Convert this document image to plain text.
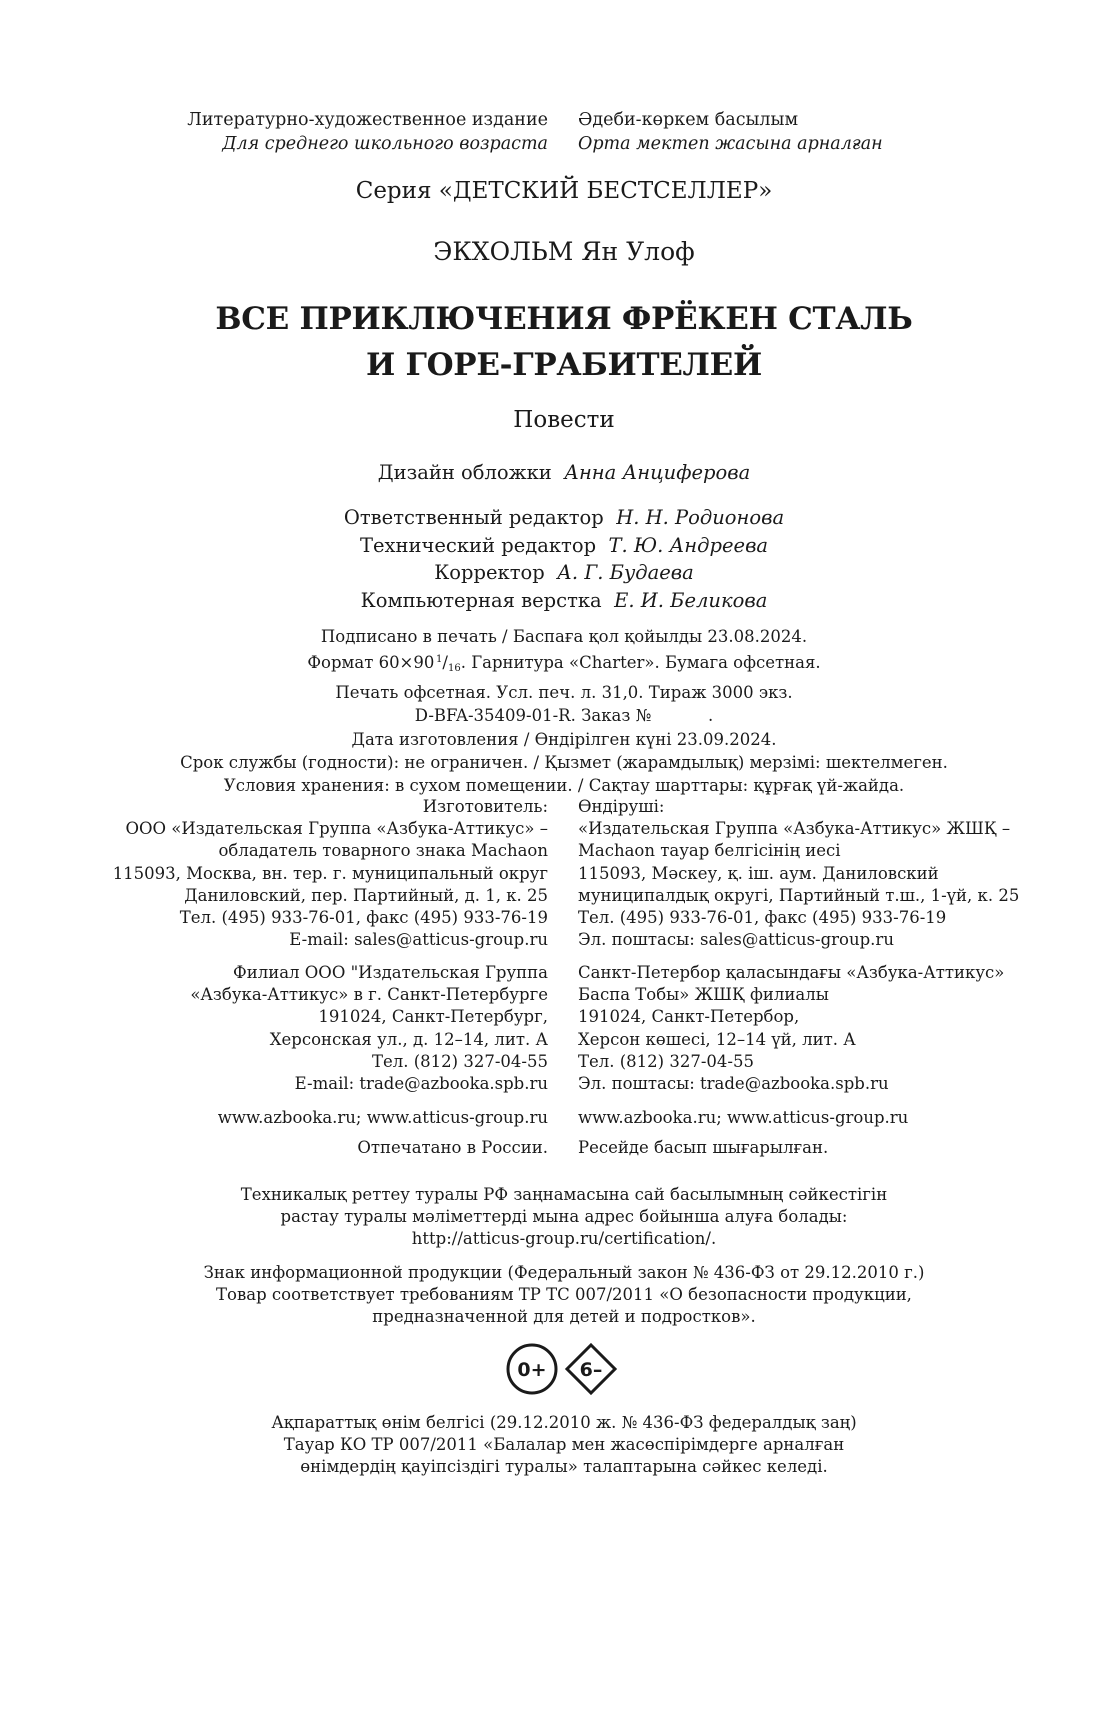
Литературно-художественное издание
Для среднего школьного возраста
Әдеби-көркем басылым
Орта мектеп жасына арналған
Серия «ДЕТСКИЙ БЕСТСЕЛЛЕР»
ЭКХОЛЬМ Ян Улоф
ВСЕ ПРИКЛЮЧЕНИЯ ФРЁКЕН СТАЛЬ
И ГОРЕ-ГРАБИТЕЛЕЙ
Повести
Дизайн обложки Анна Анциферова
Ответственный редактор Н. Н. Родионова
Технический редактор Т. Ю. Андреева
Корректор А. Г. Будаева
Компьютерная верстка Е. И. Беликова
Подписано в печать / Баспаға қол қойылды 23.08.2024.
Формат 60×90  $^1/_{16}$. Гарнитура «Charter». Бумага офсетная.
Печать офсетная. Усл. печ. л. 31,0. Тираж 3000 экз.
D-BFA-35409-01-R. Заказ №	.
Дата изготовления / Өндірілген күні 23.09.2024.
Срок службы (годности): не ограничен. / Қызмет (жарамдылық) мерзімі: шектелмеген.
Условия хранения: в сухом помещении. / Сақтау шарттары: құрғақ үй-жайда.

Изготовитель:

ООО «Издательская Группа «Азбука-Аттикус» –

обладатель товарного знака Machaon

115093, Москва, вн. тер. г. муниципальный округ

Даниловский, пер. Партийный, д. 1, к. 25

Тел. (495) 933-76-01, факс (495) 933-76-19

E-mail: sales@atticus-group.ru

Өндіруші:

«Издательская Группа «Азбука-Аттикус» ЖШҚ –

Machaon тауар белгісінің иесі

115093, Мәскеу, қ. іш. аум. Даниловский

муниципалдық округі, Партийный т.ш., 1-үй, к. 25

Тел. (495) 933-76-01, факс (495) 933-76-19

Эл. поштасы: sales@atticus-group.ru

Филиал ООО "Издательская Группа

«Азбука-Аттикус» в г. Санкт-Петербурге

191024, Санкт-Петербург,

Херсонская ул., д. 12–14, лит. А

Тел. (812) 327-04-55

E-mail: trade@azbooka.spb.ru

Санкт-Петербор қаласындағы «Азбука-Аттикус»

Баспа Тобы» ЖШҚ филиалы

191024, Санкт-Петербор,

Херсон көшесі, 12–14 үй, лит. А

Тел. (812) 327-04-55

Эл. поштасы: trade@azbooka.spb.ru

www.azbooka.ru; www.atticus-group.ru www.azbooka.ru; www.atticus-group.ru
Отпечатано в России. Ресейде басып шығарылған.
Техникалық реттеу туралы РФ заңнамасына сай басылымның сәйкестігін
растау туралы мәліметтерді мына адрес бойынша алуға болады:
http://atticus-group.ru/certification/.
Знак информационной продукции (Федеральный закон № 436-ФЗ от 29.12.2010 г.)
Товар соответствует требованиям ТР ТС 007/2011 «О безопасности продукции,
предназначенной для детей и подростков».
0+ 6–
Ақпараттық өнім белгісі (29.12.2010 ж. № 436-ФЗ федералдық заң)
Тауар КО ТР 007/2011 «Балалар мен жасөспірімдерге арналған
өнімдердің қауіпсіздігі туралы» талаптарына сәйкес келеді.
